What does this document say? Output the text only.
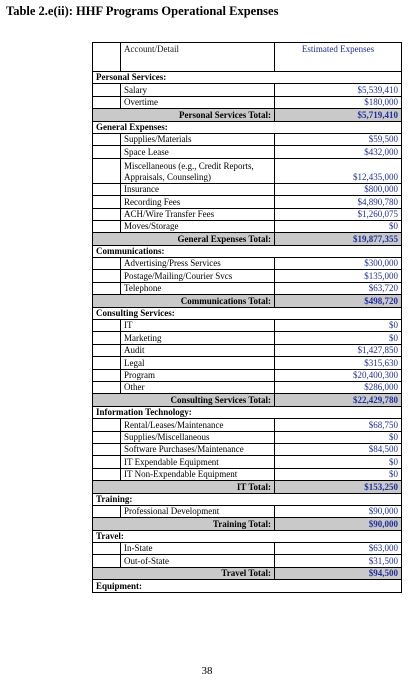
Table 2.e(ii): HHF Programs Operational Expenses
	Account/Detail	Estimated Expenses
Personal Services:		
	Salary	$5,539,410
	Overtime	$180,000
Personal Services Total:		$5,719,410
General Expenses:		
	Supplies/Materials	$59,500
	Space Lease	$432,000
	Miscellaneous (e.g., Credit Reports, Appraisals, Counseling)	$12,435,000
	Insurance	$800,000
	Recording Fees	$4,890,780
	ACH/Wire Transfer Fees	$1,260,075
	Moves/Storage	$0
General Expenses Total:		$19,877,355
Communications:		
	Advertising/Press Services	$300,000
	Postage/Mailing/Courier Svcs	$135,000
	Telephone	$63,720
Communications Total:		$498,720
Consulting Services:		
	IT	$0
	Marketing	$0
	Audit	$1,427,850
	Legal	$315,630
	Program	$20,400,300
	Other	$286,000
Consulting Services Total:		$22,429,780
Information Technology:		
	Rental/Leases/Maintenance	$68,750
	Supplies/Miscellaneous	$0
	Software Purchases/Maintenance	$84,500
	IT Expendable Equipment	$0
	IT Non-Expendable Equipment	$0
IT Total:		$153,250
Training:		
	Professional Development	$90,000
Training Total:		$90,000
Travel:		
	In-State	$63,000
	Out-of-State	$31,500
Travel Total:		$94,500
Equipment:		
38
